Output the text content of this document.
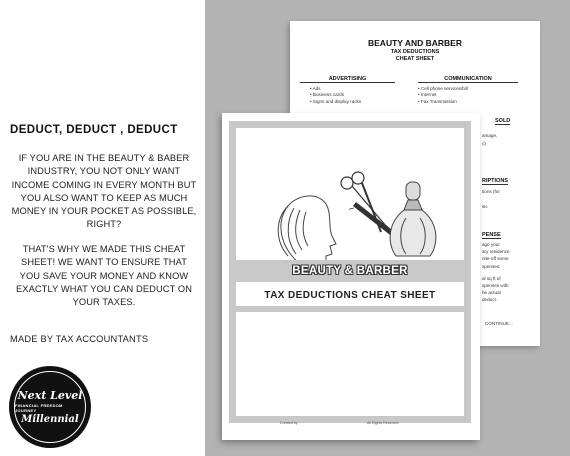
DEDUCT, DEDUCT , DEDUCT
IF YOU ARE IN THE BEAUTY & BABER INDUSTRY, YOU NOT ONLY WANT INCOME COMING IN EVERY MONTH BUT YOU ALSO WANT TO KEEP AS MUCH MONEY IN YOUR POCKET AS POSSIBLE, RIGHT?
THAT'S WHY WE MADE THIS CHEAT SHEET! WE WANT TO ENSURE THAT YOU SAVE YOUR MONEY AND KNOW EXACTLY WHAT YOU CAN DEDUCT ON YOUR TAXES.
MADE BY TAX ACCOUNTANTS
Next Level
FINANCIAL FREEDOM JOURNEY
Millennial
BEAUTY AND BARBER
TAX DEDUCTIONS
CHEAT SHEET
ADVERTISING
• Ads
• Business cards
• Signs and display racks
COMMUNICATION
• Cell phone services/bill
• Internet
• Fax Transmission
SOLD
amage,
c)
RIPTIONS
tions (for
sic
PENSE
age your
ary residence
nite-off some
xpenses:
al sq ft of
xpenses with
he actual
deduct.
CONTINUE...
BEAUTY & BARBER
TAX DEDUCTIONS CHEAT SHEET
Created by	All Rights Reserved
